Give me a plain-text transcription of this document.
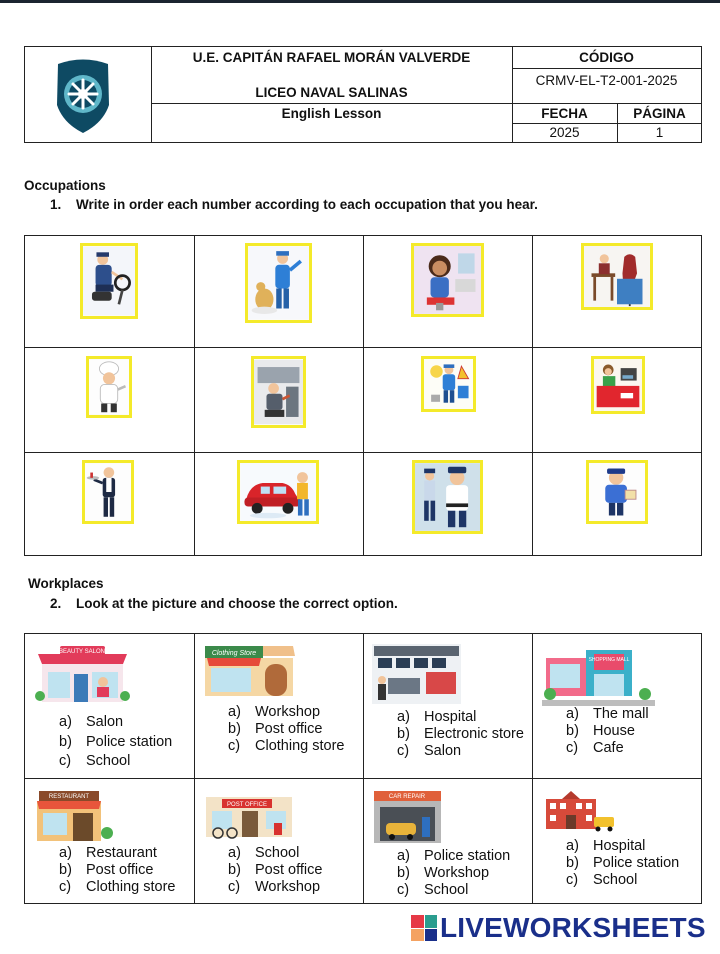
U.E. CAPITÁN RAFAEL MORÁN VALVERDE
LICEO NAVAL SALINAS
English Lesson
CÓDIGO
CRMV-EL-T2-001-2025
FECHA	PÁGINA
2025	1
Occupations
1. Write in order each number according to each occupation that you hear.
Workplaces
2. Look at the picture and choose the correct option.
BEAUTY SALON	Clothing Store
SHOPPING MALL
a) Salon
b) Police station
c) School
a) Workshop
b) Post office
c) Clothing store
a) Hospital
b) Electronic store
c) Salon
a) The mall
b) House
c) Cafe
RESTAURANT
POST OFFICE
CAR REPAIR
a) Restaurant
b) Post office
c) Clothing store
a) School
b) Post office
c) Workshop
a) Police station
b) Workshop
c) School
a) Hospital
b) Police station
c) School
LIVEWORKSHEETS
